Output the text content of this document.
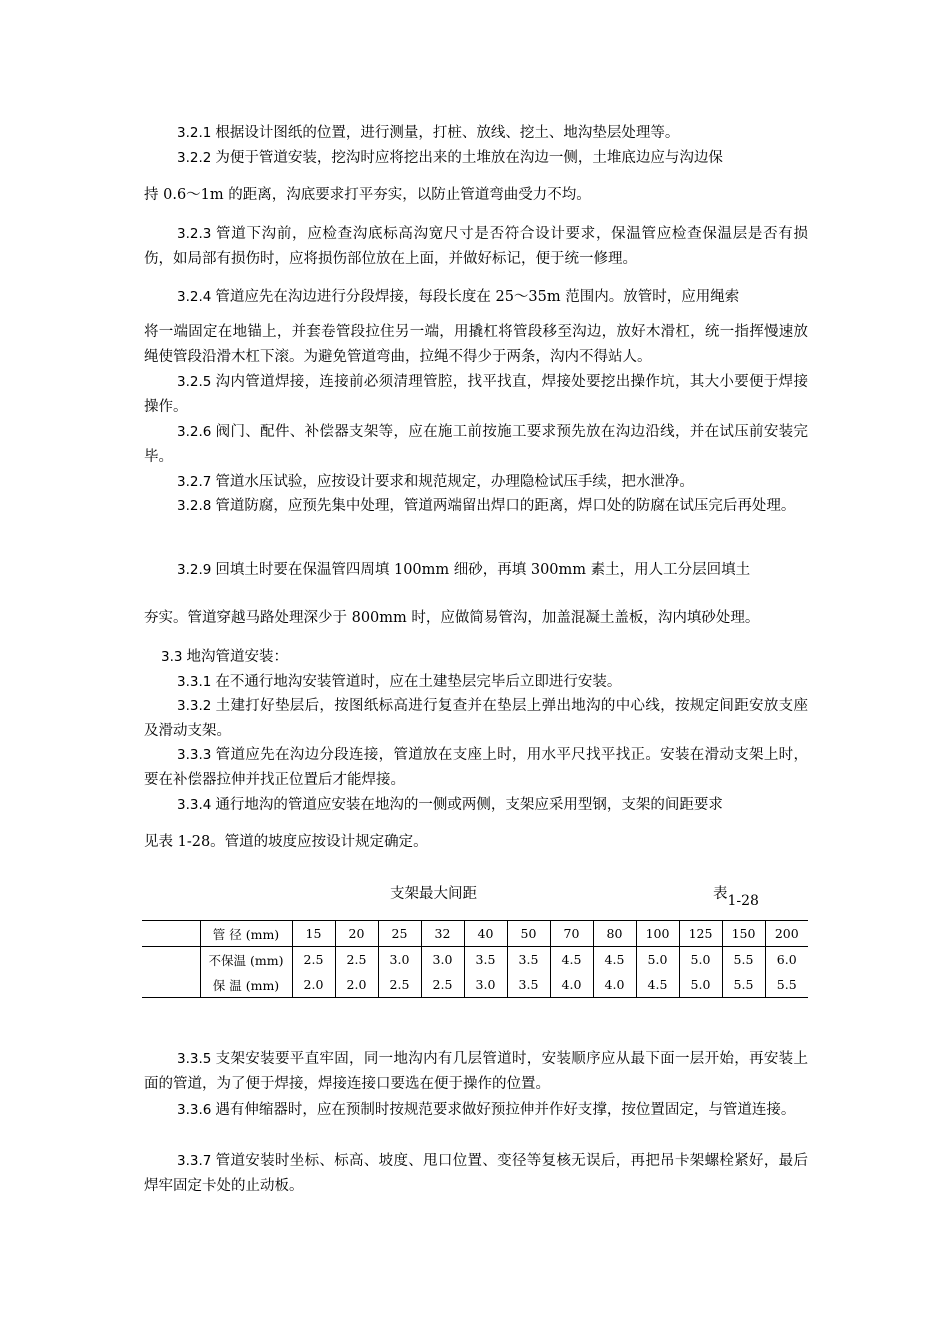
3.2.1 根据设计图纸的位置，进行测量，打桩、放线、挖土、地沟垫层处理等。

3.2.2 为便于管道安装，挖沟时应将挖出来的土堆放在沟边一侧，土堆底边应与沟边保

持 0.6～1m 的距离，沟底要求打平夯实，以防止管道弯曲受力不均。

3.2.3 管道下沟前，应检查沟底标高沟宽尺寸是否符合设计要求，保温管应检查保温层是否有损伤，如局部有损伤时，应将损伤部位放在上面，并做好标记，便于统一修理。

3.2.4 管道应先在沟边进行分段焊接，每段长度在 25～35m 范围内。放管时，应用绳索

将一端固定在地锚上，并套卷管段拉住另一端，用撬杠将管段移至沟边，放好木滑杠，统一指挥慢速放绳使管段沿滑木杠下滚。为避免管道弯曲，拉绳不得少于两条，沟内不得站人。

3.2.5 沟内管道焊接，连接前必须清理管腔，找平找直，焊接处要挖出操作坑，其大小要便于焊接操作。

3.2.6 阀门、配件、补偿器支架等，应在施工前按施工要求预先放在沟边沿线，并在试压前安装完毕。

3.2.7 管道水压试验，应按设计要求和规范规定，办理隐检试压手续，把水泄净。

3.2.8 管道防腐，应预先集中处理，管道两端留出焊口的距离，焊口处的防腐在试压完后再处理。

3.2.9 回填土时要在保温管四周填 100mm 细砂，再填 300mm 素土，用人工分层回填土

夯实。管道穿越马路处理深少于 800mm 时，应做简易管沟，加盖混凝土盖板，沟内填砂处理。

3.3 地沟管道安装：

3.3.1 在不通行地沟安装管道时，应在土建垫层完毕后立即进行安装。

3.3.2 土建打好垫层后，按图纸标高进行复查并在垫层上弹出地沟的中心线，按规定间距安放支座及滑动支架。

3.3.3 管道应先在沟边分段连接，管道放在支座上时，用水平尺找平找正。安装在滑动支架上时，要在补偿器拉伸并找正位置后才能焊接。

3.3.4 通行地沟的管道应安装在地沟的一侧或两侧，支架应采用型钢，支架的间距要求

见表 1-28。管道的坡度应按设计规定确定。

支架最大间距	表1-28
	管 径 (mm)	15	20	25	32	40	50	70	80	100	125	150	200
	不保温 (mm)	2.5	2.5	3.0	3.0	3.5	3.5	4.5	4.5	5.0	5.0	5.5	6.0
	保 温 (mm)	2.0	2.0	2.5	2.5	3.0	3.5	4.0	4.0	4.5	5.0	5.5	5.5

3.3.5 支架安装要平直牢固，同一地沟内有几层管道时，安装顺序应从最下面一层开始，再安装上面的管道，为了便于焊接，焊接连接口要选在便于操作的位置。

3.3.6 遇有伸缩器时，应在预制时按规范要求做好预拉伸并作好支撑，按位置固定，与管道连接。

3.3.7 管道安装时坐标、标高、坡度、甩口位置、变径等复核无误后，再把吊卡架螺栓紧好，最后焊牢固定卡处的止动板。
